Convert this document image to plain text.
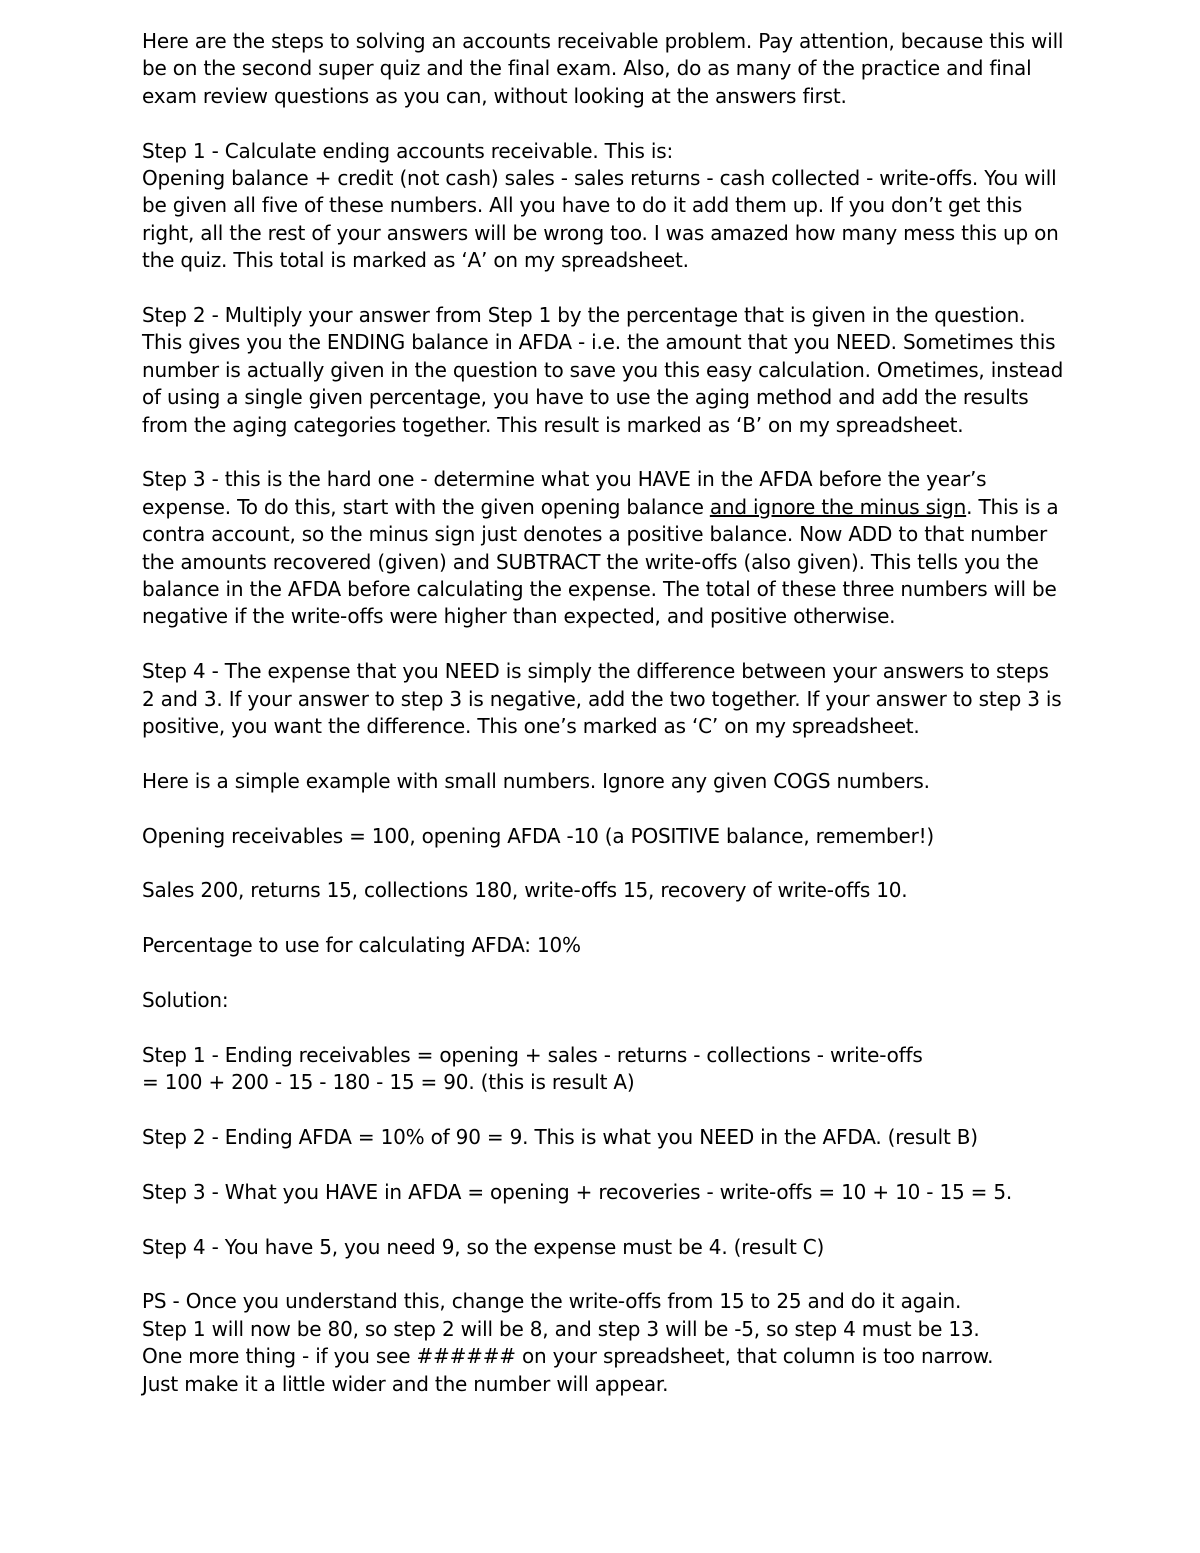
Here are the steps to solving an accounts receivable problem. Pay attention, because this will be on the second super quiz and the final exam. Also, do as many of the practice and final exam review questions as you can, without looking at the answers first.

Step 1 - Calculate ending accounts receivable. This is:
Opening balance + credit (not cash) sales - sales returns - cash collected - write-offs. You will be given all five of these numbers. All you have to do it add them up. If you don’t get this right, all the rest of your answers will be wrong too. I was amazed how many mess this up on the quiz. This total is marked as ‘A’ on my spreadsheet.

Step 2 - Multiply your answer from Step 1 by the percentage that is given in the question. This gives you the ENDING balance in AFDA - i.e. the amount that you NEED. Sometimes this number is actually given in the question to save you this easy calculation. Ometimes, instead of using a single given percentage, you have to use the aging method and add the results from the aging categories together. This result is marked as ‘B’ on my spreadsheet.

Step 3 - this is the hard one - determine what you HAVE in the AFDA before the year’s expense. To do this, start with the given opening balance and ignore the minus sign. This is a contra account, so the minus sign just denotes a positive balance. Now ADD to that number the amounts recovered (given) and SUBTRACT the write-offs (also given). This tells you the balance in the AFDA before calculating the expense. The total of these three numbers will be negative if the write-offs were higher than expected, and positive otherwise.

Step 4 - The expense that you NEED is simply the difference between your answers to steps 2 and 3. If your answer to step 3 is negative, add the two together. If your answer to step 3 is positive, you want the difference. This one’s marked as ‘C’ on my spreadsheet.

Here is a simple example with small numbers. Ignore any given COGS numbers.

Opening receivables = 100, opening AFDA -10 (a POSITIVE balance, remember!)

Sales 200, returns 15, collections 180, write-offs 15, recovery of write-offs 10.

Percentage to use for calculating AFDA: 10%

Solution:

Step 1 - Ending receivables = opening + sales - returns - collections - write-offs
= 100 + 200 - 15 - 180 - 15 = 90. (this is result A)

Step 2 - Ending AFDA = 10% of 90 = 9. This is what you NEED in the AFDA. (result B)

Step 3 - What you HAVE in AFDA = opening + recoveries - write-offs = 10 + 10 - 15 = 5.

Step 4 - You have 5, you need 9, so the expense must be 4. (result C)

PS - Once you understand this, change the write-offs from 15 to 25 and do it again.
Step 1 will now be 80, so step 2 will be 8, and step 3 will be -5, so step 4 must be 13.
One more thing - if you see ###### on your spreadsheet, that column is too narrow.
Just make it a little wider and the number will appear.
